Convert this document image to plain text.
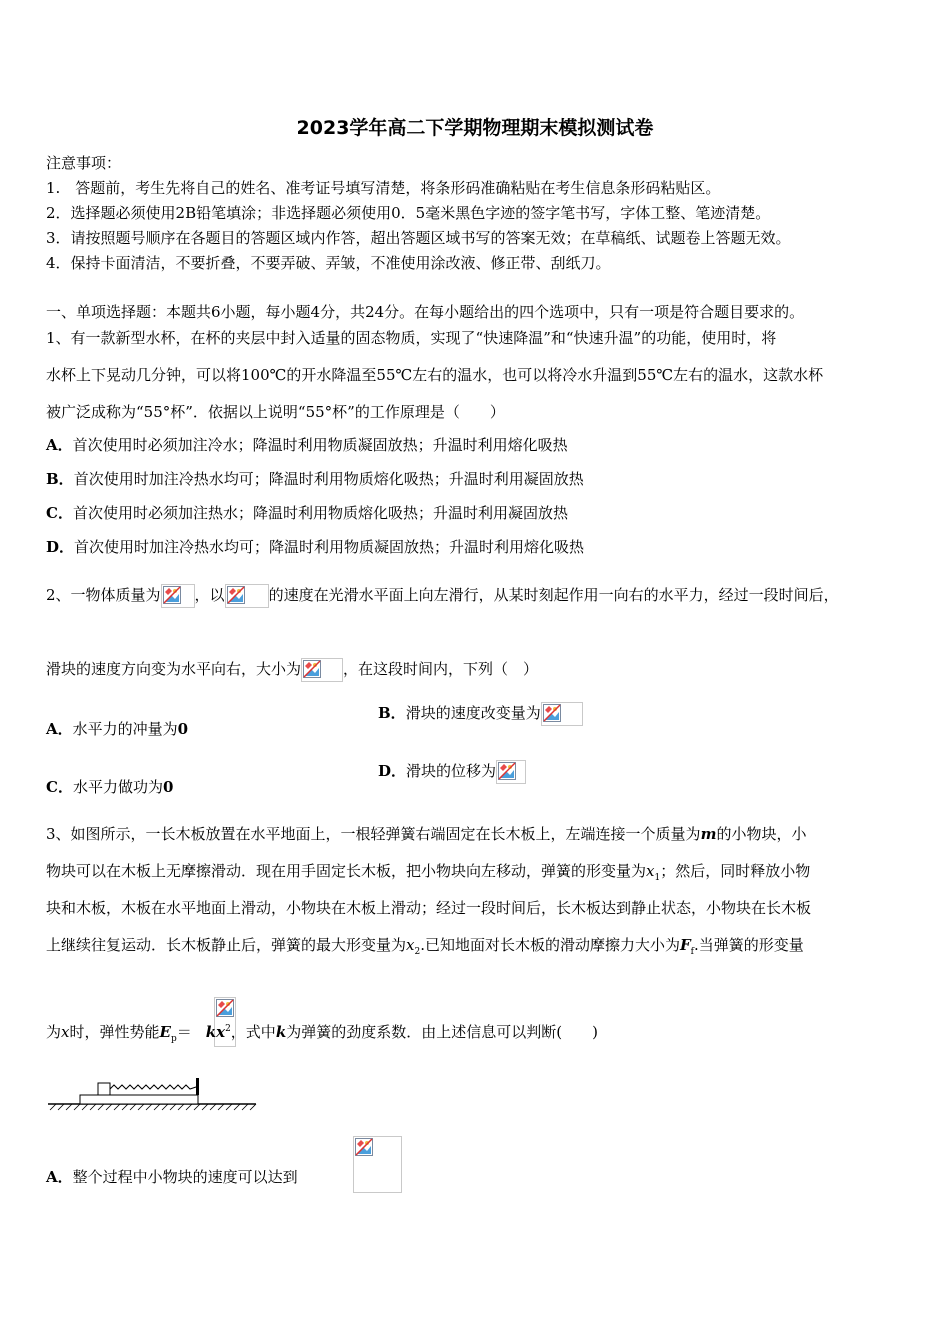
2023学年高二下学期物理期末模拟测试卷
注意事项：
1.　答题前，考生先将自己的姓名、准考证号填写清楚，将条形码准确粘贴在考生信息条形码粘贴区。
2．选择题必须使用2B铅笔填涂；非选择题必须使用0．5毫米黑色字迹的签字笔书写，字体工整、笔迹清楚。
3．请按照题号顺序在各题目的答题区域内作答，超出答题区域书写的答案无效；在草稿纸、试题卷上答题无效。
4．保持卡面清洁，不要折叠，不要弄破、弄皱，不准使用涂改液、修正带、刮纸刀。
一、单项选择题：本题共6小题，每小题4分，共24分。在每小题给出的四个选项中，只有一项是符合题目要求的。
1、有一款新型水杯，在杯的夹层中封入适量的固态物质，实现了“快速降温”和“快速升温”的功能，使用时，将
水杯上下晃动几分钟，可以将100℃的开水降温至55℃左右的温水，也可以将冷水升温到55℃左右的温水，这款水杯
被广泛成称为“55°杯”．依据以上说明“55°杯”的工作原理是（　　）
A．首次使用时必须加注冷水；降温时利用物质凝固放热；升温时利用熔化吸热
B．首次使用时加注冷热水均可；降温时利用物质熔化吸热；升温时利用凝固放热
C．首次使用时必须加注热水；降温时利用物质熔化吸热；升温时利用凝固放热
D．首次使用时加注冷热水均可；降温时利用物质凝固放热；升温时利用熔化吸热
2、一物体质量为 ，以	的速度在光滑水平面上向左滑行，从某时刻起作用一向右的水平力，经过一段时间后，
滑块的速度方向变为水平向右，大小为	，在这段时间内，下列（　）
A．水平力的冲量为0
B．滑块的速度改变量为
C．水平力做功为0
D．滑块的位移为
3、如图所示，一长木板放置在水平地面上，一根轻弹簧右端固定在长木板上，左端连接一个质量为m的小物块，小
物块可以在木板上无摩擦滑动．现在用手固定长木板，把小物块向左移动，弹簧的形变量为$x_1$；然后，同时释放小物
块和木板，木板在水平地面上滑动，小物块在木板上滑动；经过一段时间后，长木板达到静止状态，小物块在长木板
上继续往复运动．长木板静止后，弹簧的最大形变量为$x_2$.已知地面对长木板的滑动摩擦力大小为$F_f$.当弹簧的形变量

为x时，弹性势能$E_p= kx^2$，式中k为弹簧的劲度系数．由上述信息可以判断(　　)
A．整个过程中小物块的速度可以达到
